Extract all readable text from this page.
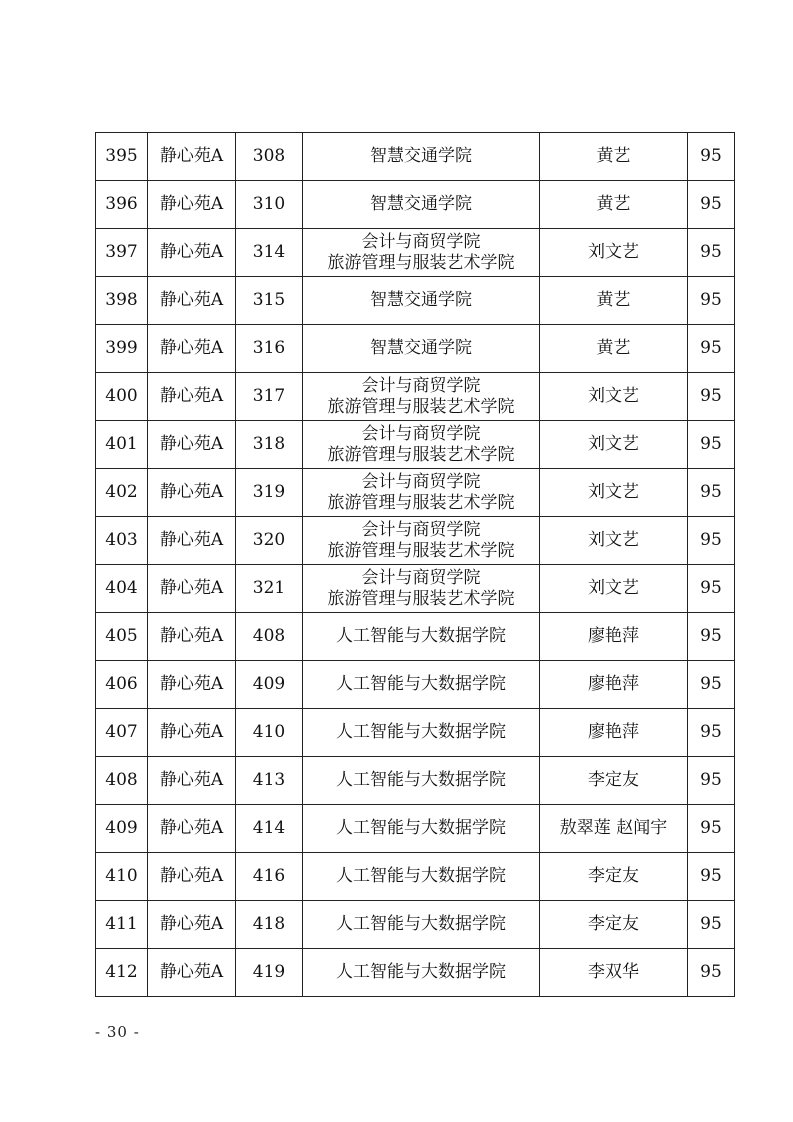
395	静心苑A	308	智慧交通学院	黄艺	95
396	静心苑A	310	智慧交通学院	黄艺	95
397	静心苑A	314	会计与商贸学院
旅游管理与服装艺术学院	刘文艺	95
398	静心苑A	315	智慧交通学院	黄艺	95
399	静心苑A	316	智慧交通学院	黄艺	95
400	静心苑A	317	会计与商贸学院
旅游管理与服装艺术学院	刘文艺	95
401	静心苑A	318	会计与商贸学院
旅游管理与服装艺术学院	刘文艺	95
402	静心苑A	319	会计与商贸学院
旅游管理与服装艺术学院	刘文艺	95
403	静心苑A	320	会计与商贸学院
旅游管理与服装艺术学院	刘文艺	95
404	静心苑A	321	会计与商贸学院
旅游管理与服装艺术学院	刘文艺	95
405	静心苑A	408	人工智能与大数据学院	廖艳萍	95
406	静心苑A	409	人工智能与大数据学院	廖艳萍	95
407	静心苑A	410	人工智能与大数据学院	廖艳萍	95
408	静心苑A	413	人工智能与大数据学院	李定友	95
409	静心苑A	414	人工智能与大数据学院	敖翠莲 赵闻宇	95
410	静心苑A	416	人工智能与大数据学院	李定友	95
411	静心苑A	418	人工智能与大数据学院	李定友	95
412	静心苑A	419	人工智能与大数据学院	李双华	95
- 30 -
